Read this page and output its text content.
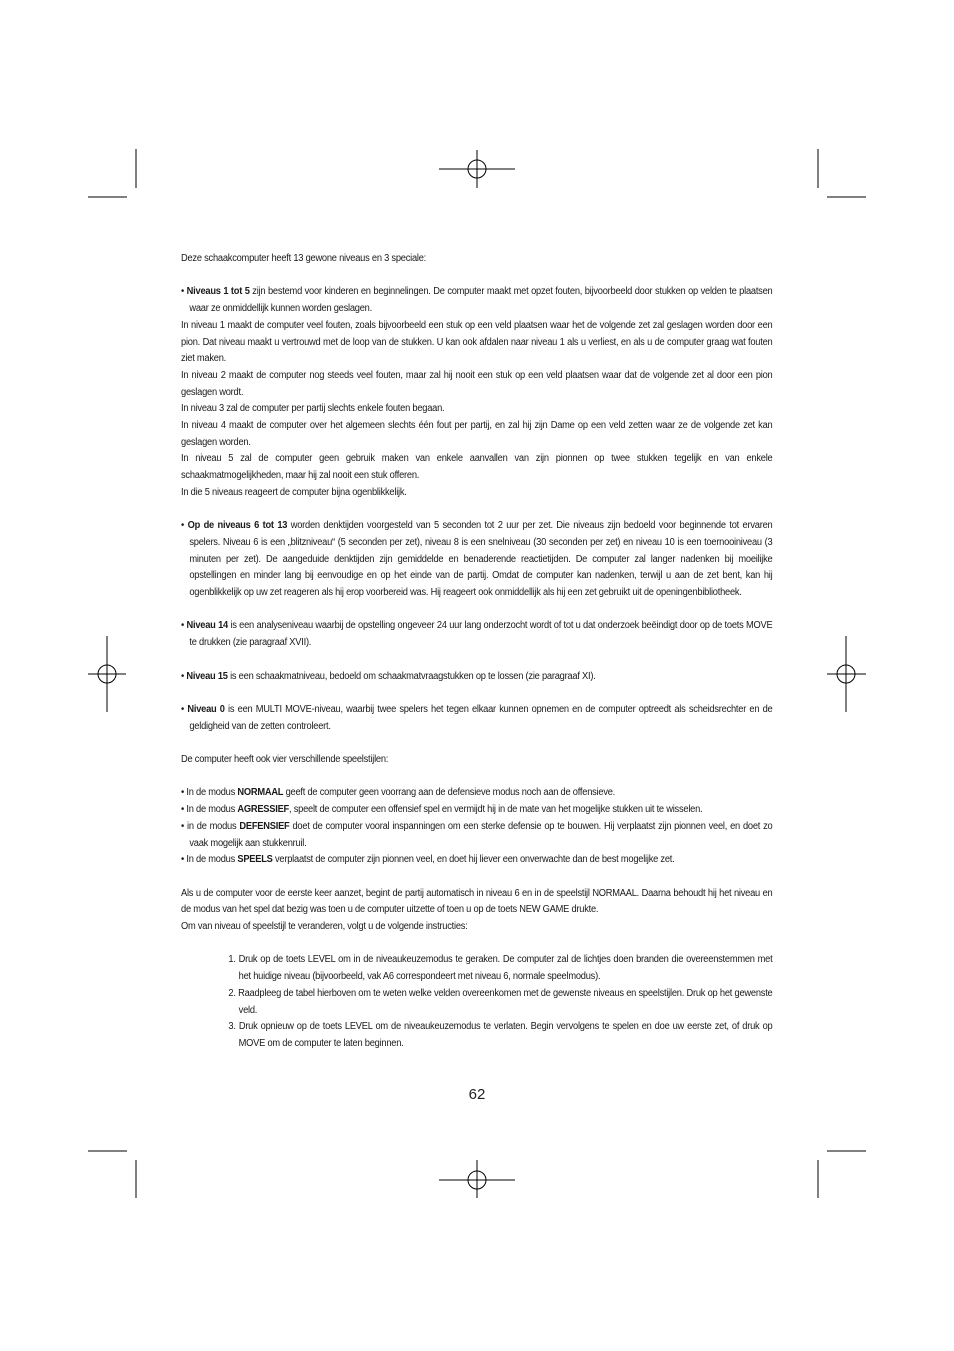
Deze schaakcomputer heeft 13 gewone niveaus en 3 speciale:

• Niveaus 1 tot 5 zijn bestemd voor kinderen en beginnelingen. De computer maakt met opzet fouten, bijvoorbeeld door stukken op velden te plaatsen waar ze onmiddellijk kunnen worden geslagen.

In niveau 1 maakt de computer veel fouten, zoals bijvoorbeeld een stuk op een veld plaatsen waar het de volgende zet zal geslagen worden door een pion. Dat niveau maakt u vertrouwd met de loop van de stukken. U kan ook afdalen naar niveau 1 als u verliest, en als u de computer graag wat fouten ziet maken.

In niveau 2 maakt de computer nog steeds veel fouten, maar zal hij nooit een stuk op een veld plaatsen waar dat de volgende zet al door een pion geslagen wordt.

In niveau 3 zal de computer per partij slechts enkele fouten begaan.

In niveau 4 maakt de computer over het algemeen slechts één fout per partij, en zal hij zijn Dame op een veld zetten waar ze de volgende zet kan geslagen worden.

In niveau 5 zal de computer geen gebruik maken van enkele aanvallen van zijn pionnen op twee stukken tegelijk en van enkele schaakmatmogelijkheden, maar hij zal nooit een stuk offeren.

In die 5 niveaus reageert de computer bijna ogenblikkelijk.

• Op de niveaus 6 tot 13 worden denktijden voorgesteld van 5 seconden tot 2 uur per zet. Die niveaus zijn bedoeld voor beginnende tot ervaren spelers. Niveau 6 is een „blitzniveau“ (5 seconden per zet), niveau 8 is een snelniveau (30 seconden per zet) en niveau 10 is een toernooiniveau (3 minuten per zet). De aangeduide denktijden zijn gemiddelde en benaderende reactietijden. De computer zal langer nadenken bij moeilijke opstellingen en minder lang bij eenvoudige en op het einde van de partij. Omdat de computer kan nadenken, terwijl u aan de zet bent, kan hij ogenblikkelijk op uw zet reageren als hij erop voorbereid was. Hij reageert ook onmiddellijk als hij een zet gebruikt uit de openingenbibliotheek.

• Niveau 14 is een analyseniveau waarbij de opstelling ongeveer 24 uur lang onderzocht wordt of tot u dat onderzoek beëindigt door op de toets MOVE te drukken (zie paragraaf XVII).

• Niveau 15 is een schaakmatniveau, bedoeld om schaakmatvraagstukken op te lossen (zie paragraaf XI).

• Niveau 0 is een MULTI MOVE-niveau, waarbij twee spelers het tegen elkaar kunnen opnemen en de computer optreedt als scheidsrechter en de geldigheid van de zetten controleert.

De computer heeft ook vier verschillende speelstijlen:

• In de modus NORMAAL geeft de computer geen voorrang aan de defensieve modus noch aan de offensieve.

• In de modus AGRESSIEF, speelt de computer een offensief spel en vermijdt hij in de mate van het mogelijke stukken uit te wisselen.

• in de modus DEFENSIEF doet de computer vooral inspanningen om een sterke defensie op te bouwen. Hij verplaatst zijn pionnen veel, en doet zo vaak mogelijk aan stukkenruil.

• In de modus SPEELS verplaatst de computer zijn pionnen veel, en doet hij liever een onverwachte dan de best mogelijke zet.

Als u de computer voor de eerste keer aanzet, begint de partij automatisch in niveau 6 en in de speelstijl NORMAAL. Daarna behoudt hij het niveau en de modus van het spel dat bezig was toen u de computer uitzette of toen u op de toets NEW GAME drukte.

Om van niveau of speelstijl te veranderen, volgt u de volgende instructies:

1. Druk op de toets LEVEL om in de niveaukeuzemodus te geraken. De computer zal de lichtjes doen branden die overeenstemmen met het huidige niveau (bijvoorbeeld, vak A6 correspondeert met niveau 6, normale speelmodus).

2. Raadpleeg de tabel hierboven om te weten welke velden overeenkomen met de gewenste niveaus en speelstijlen. Druk op het gewenste veld.

3. Druk opnieuw op de toets LEVEL om de niveaukeuzemodus te verlaten. Begin vervolgens te spelen en doe uw eerste zet, of druk op MOVE om de computer te laten beginnen.

62
